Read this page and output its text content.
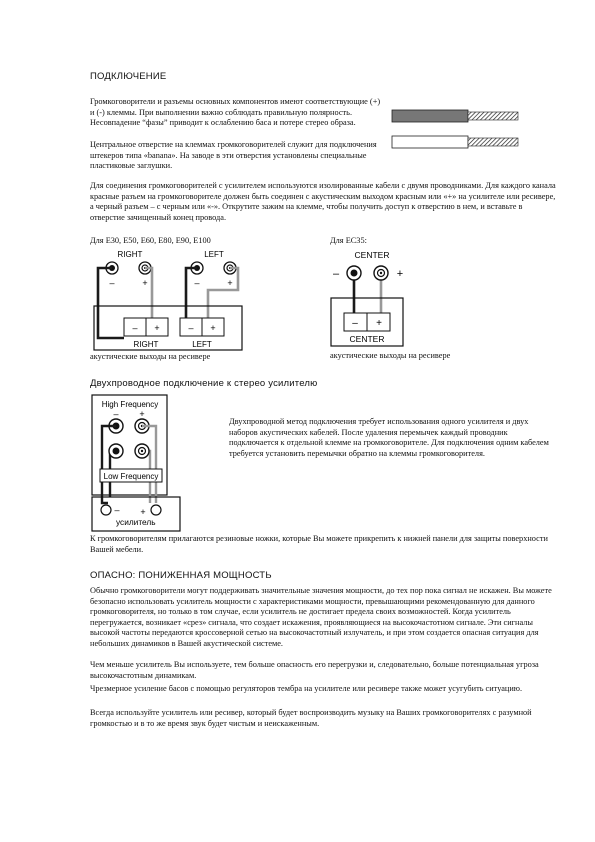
ПОДКЛЮЧЕНИЕ
Громкоговорители и разъемы основных компонентов имеют соответствующие (+) и (-) клеммы. При выполнении важно соблюдать правильную полярность. Несовпадение “фазы” приводит к ослаблению баса и потере стерео образа.
Центральное отверстие на клеммах громкоговорителей служит для подключения штекеров типа «banana». На заводе в эти отверстия установлены специальные пластиковые заглушки.
Для соединения громкоговорителей с усилителем используются изолированные кабели с двумя проводниками. Для каждого канала красные разъем на громкоговорителе должен быть соединен с акустическим выходом красным или «+» на усилителе или ресивере, а черный разъем – с черным или «-». Открутите зажим на клемме, чтобы получить доступ к отверстию в нем, и вставьте в отверстие зачищенный конец провода.
Для E30, E50, E60, E80, E90, E100	Для EC35:
RIGHT	LEFT
–	+	–	+
– +	– +
RIGHT	LEFT
акустические выходы на ресивере
CENTER
–	+
– +
CENTER
акустические выходы на ресивере
Двухпроводное подключение к стерео усилителю
High Frequency
– +
Low Frequency
– +
усилитель
Двухпроводной метод подключения требует использования одного усилителя и двух наборов акустических кабелей. После удаления перемычек каждый проводник подключается к отдельной клемме на громкоговорителе. Для подключения одним кабелем требуется установить перемычки обратно на клеммы громкоговорителя.
К громкоговорителям прилагаются резиновые ножки, которые Вы можете прикрепить к нижней панели для защиты поверхности Вашей мебели.
ОПАСНО: ПОНИЖЕННАЯ МОЩНОСТЬ
Обычно громкоговорители могут поддерживать значительные значения мощности, до тех пор пока сигнал не искажен. Вы можете безопасно использовать усилитель мощности с характеристиками мощности, превышающими рекомендованную для данного громкоговорителя, но только в том случае, если усилитель не достигает предела своих возможностей. Когда усилитель перегружается, возникает «срез» сигнала, что создает искажения, проявляющиеся на высокочастотном сигнале. Эти сигналы высокой частоты передаются кроссоверной сетью на высокочастотный излучатель, и при этом создается опасная ситуация для небольших динамиков в Вашей акустической системе.
Чем меньше усилитель Вы используете, тем больше опасность его перегрузки и, следовательно, больше потенциальная угроза высокочастотным динамикам.
Чрезмерное усиление басов с помощью регуляторов тембра на усилителе или ресивере также может усугубить ситуацию.
Всегда используйте усилитель или ресивер, который будет воспроизводить музыку на Ваших громкоговорителях с разумной громкостью и в то же время звук будет чистым и неискаженным.
